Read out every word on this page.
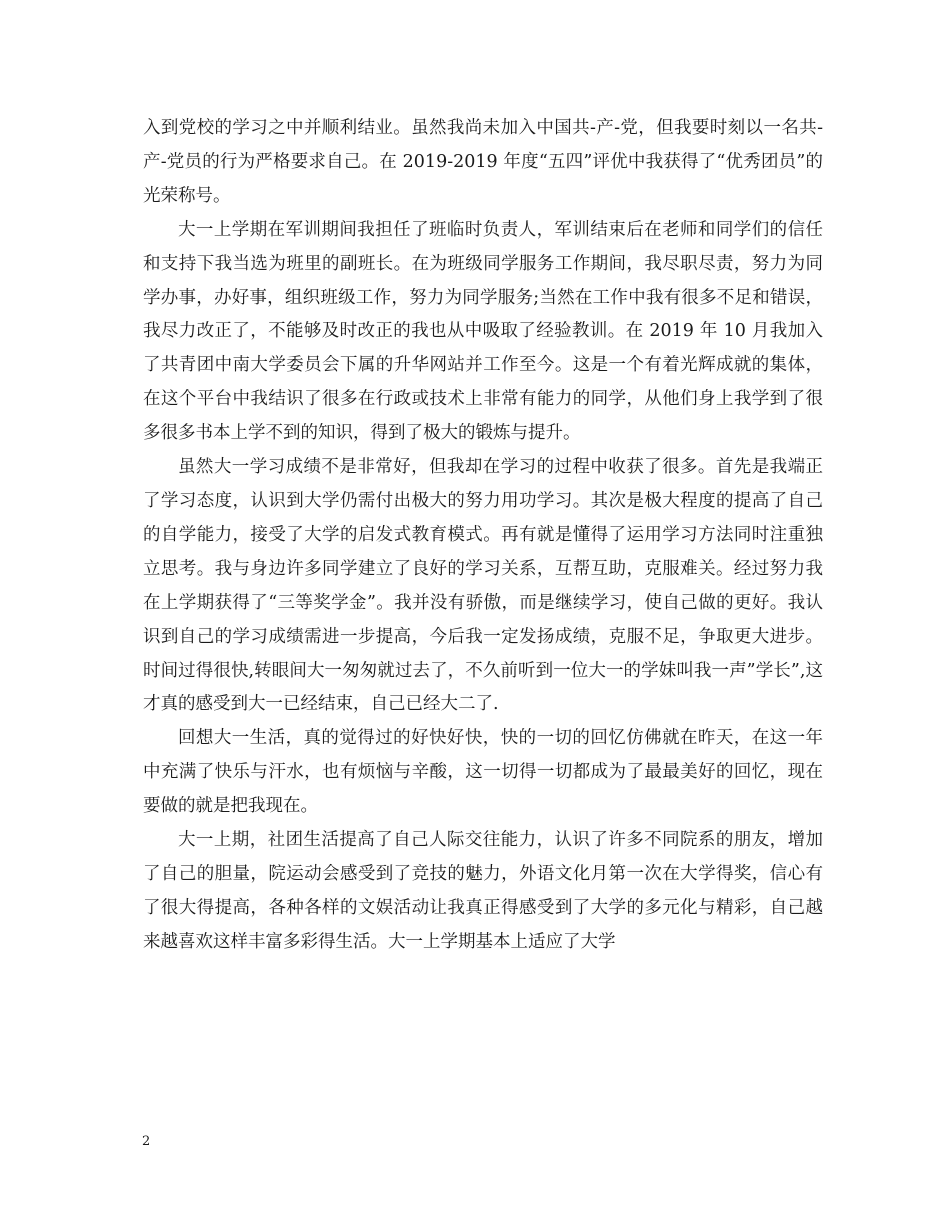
入到党校的学习之中并顺利结业。虽然我尚未加入中国共-产-党，但我要时刻以一名共-产-党员的行为严格要求自己。在 2019-2019 年度“五四”评优中我获得了“优秀团员”的光荣称号。

大一上学期在军训期间我担任了班临时负责人，军训结束后在老师和同学们的信任和支持下我当选为班里的副班长。在为班级同学服务工作期间，我尽职尽责，努力为同学办事，办好事，组织班级工作，努力为同学服务;当然在工作中我有很多不足和错误，我尽力改正了，不能够及时改正的我也从中吸取了经验教训。在 2019 年 10 月我加入了共青团中南大学委员会下属的升华网站并工作至今。这是一个有着光辉成就的集体，在这个平台中我结识了很多在行政或技术上非常有能力的同学，从他们身上我学到了很多很多书本上学不到的知识，得到了极大的锻炼与提升。

虽然大一学习成绩不是非常好，但我却在学习的过程中收获了很多。首先是我端正了学习态度，认识到大学仍需付出极大的努力用功学习。其次是极大程度的提高了自己的自学能力，接受了大学的启发式教育模式。再有就是懂得了运用学习方法同时注重独立思考。我与身边许多同学建立了良好的学习关系，互帮互助，克服难关。经过努力我在上学期获得了“三等奖学金”。我并没有骄傲，而是继续学习，使自己做的更好。我认识到自己的学习成绩需进一步提高，今后我一定发扬成绩，克服不足，争取更大进步。 时间过得很快,转眼间大一匆匆就过去了，不久前听到一位大一的学妹叫我一声”学长”,这才真的感受到大一已经结束，自己已经大二了.

回想大一生活，真的觉得过的好快好快，快的一切的回忆仿佛就在昨天，在这一年中充满了快乐与汗水，也有烦恼与辛酸，这一切得一切都成为了最最美好的回忆，现在要做的就是把我现在。

大一上期，社团生活提高了自己人际交往能力，认识了许多不同院系的朋友，增加了自己的胆量，院运动会感受到了竞技的魅力，外语文化月第一次在大学得奖，信心有了很大得提高，各种各样的文娱活动让我真正得感受到了大学的多元化与精彩，自己越来越喜欢这样丰富多彩得生活。大一上学期基本上适应了大学

2
